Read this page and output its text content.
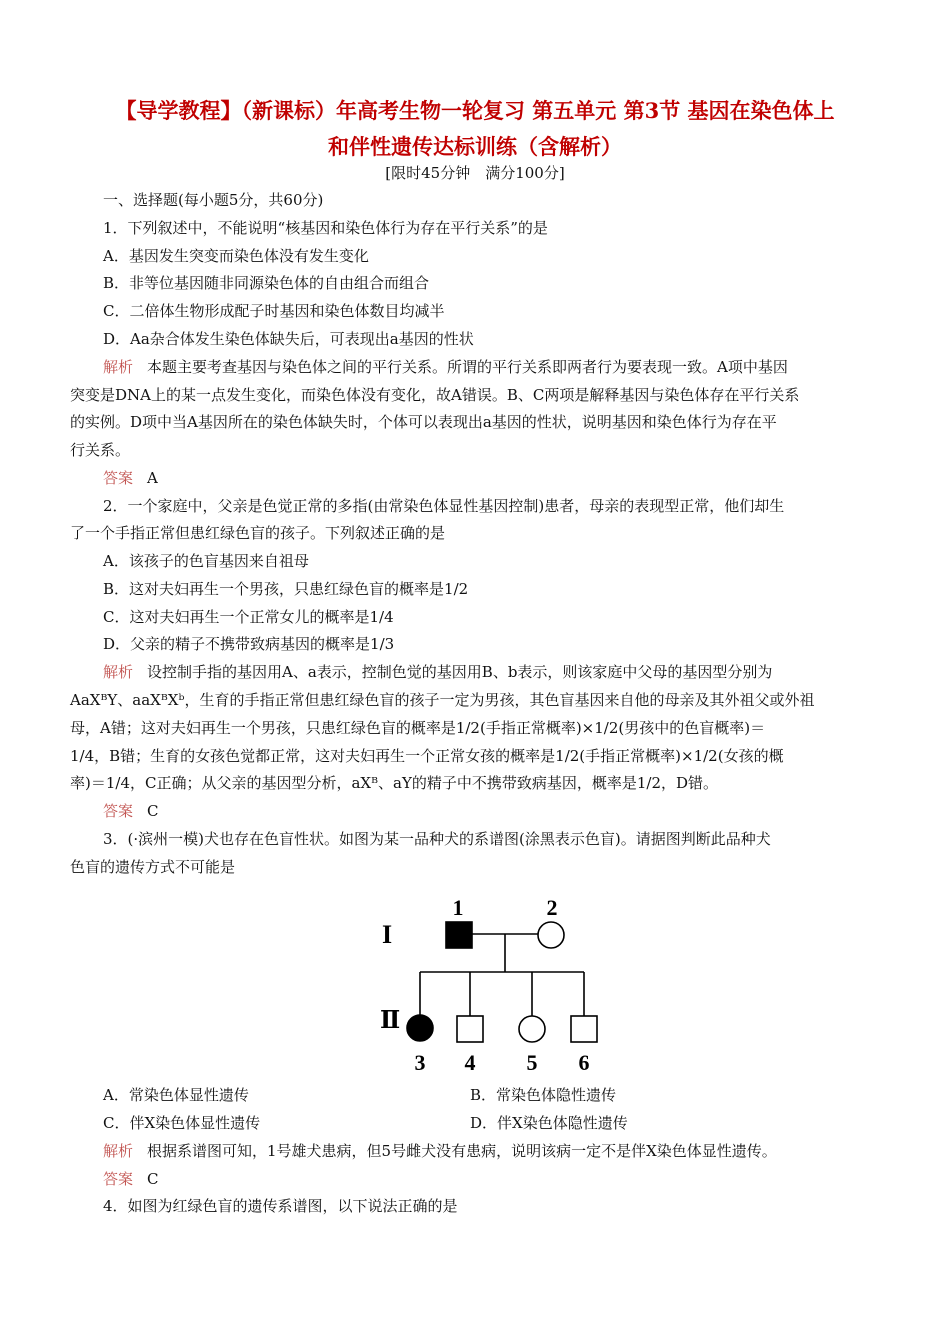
【导学教程】（新课标）年高考生物一轮复习 第五单元 第3节 基因在染色体上
和伴性遗传达标训练（含解析）
[限时45分钟　满分100分]
一、选择题(每小题5分，共60分)
1．下列叙述中，不能说明“核基因和染色体行为存在平行关系”的是
A．基因发生突变而染色体没有发生变化
B．非等位基因随非同源染色体的自由组合而组合
C．二倍体生物形成配子时基因和染色体数目均减半
D．Aa杂合体发生染色体缺失后，可表现出a基因的性状
解析 本题主要考查基因与染色体之间的平行关系。所谓的平行关系即两者行为要表现一致。A项中基因
突变是DNA上的某一点发生变化，而染色体没有变化，故A错误。B、C两项是解释基因与染色体存在平行关系
的实例。D项中当A基因所在的染色体缺失时，个体可以表现出a基因的性状，说明基因和染色体行为存在平
行关系。
答案 A
2．一个家庭中，父亲是色觉正常的多指(由常染色体显性基因控制)患者，母亲的表现型正常，他们却生
了一个手指正常但患红绿色盲的孩子。下列叙述正确的是
A．该孩子的色盲基因来自祖母
B．这对夫妇再生一个男孩，只患红绿色盲的概率是1/2
C．这对夫妇再生一个正常女儿的概率是1/4
D．父亲的精子不携带致病基因的概率是1/3
解析 设控制手指的基因用A、a表示，控制色觉的基因用B、b表示，则该家庭中父母的基因型分别为
AaXᴮY、aaXᴮXᵇ，生育的手指正常但患红绿色盲的孩子一定为男孩，其色盲基因来自他的母亲及其外祖父或外祖
母，A错；这对夫妇再生一个男孩，只患红绿色盲的概率是1/2(手指正常概率)×1/2(男孩中的色盲概率)＝
1/4，B错；生育的女孩色觉都正常，这对夫妇再生一个正常女孩的概率是1/2(手指正常概率)×1/2(女孩的概
率)＝1/4，C正确；从父亲的基因型分析，aXᴮ、aY的精子中不携带致病基因，概率是1/2，D错。
答案 C
3．(·滨州一模)犬也存在色盲性状。如图为某一品种犬的系谱图(涂黑表示色盲)。请据图判断此品种犬
色盲的遗传方式不可能是
I
Ⅱ
1	2
3 4 5 6
A．常染色体显性遗传	B．常染色体隐性遗传
C．伴X染色体显性遗传	D．伴X染色体隐性遗传
解析 根据系谱图可知，1号雄犬患病，但5号雌犬没有患病，说明该病一定不是伴X染色体显性遗传。
答案 C
4．如图为红绿色盲的遗传系谱图，以下说法正确的是
